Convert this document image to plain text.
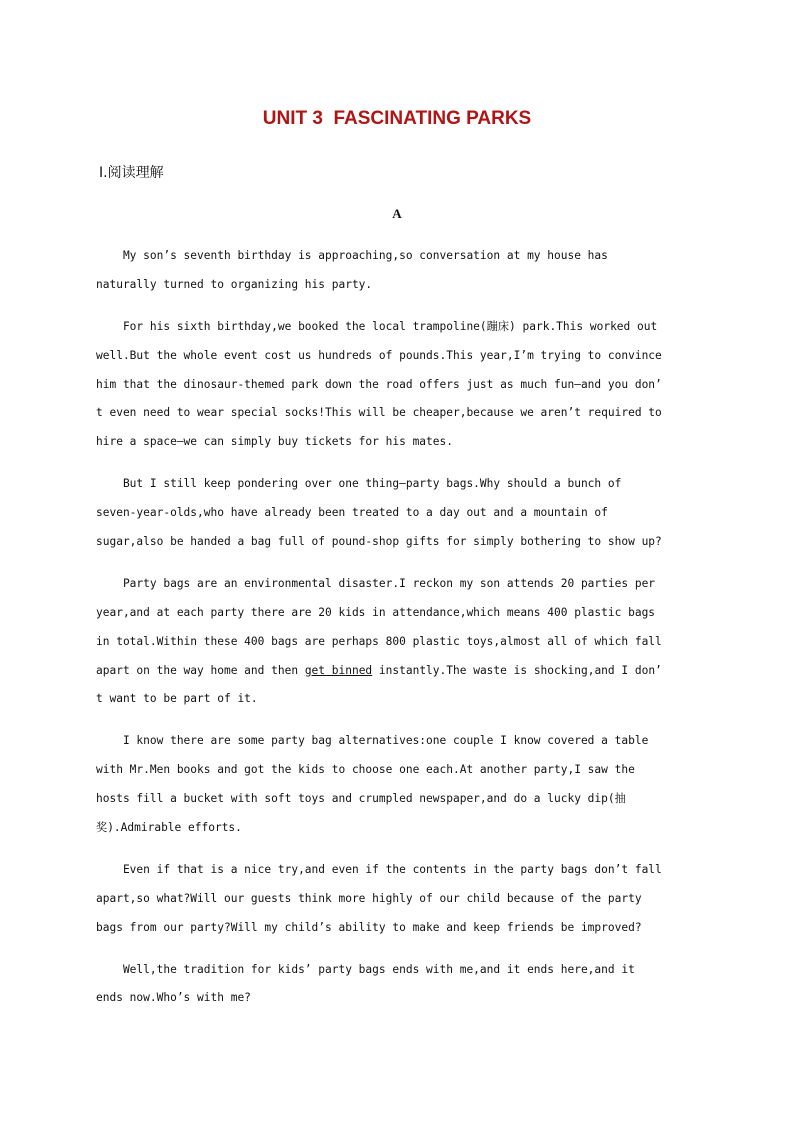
UNIT 3  FASCINATING PARKS
Ⅰ.阅读理解
A
My son’s seventh birthday is approaching,so conversation at my house has
naturally turned to organizing his party.
For his sixth birthday,we booked the local trampoline(蹦床) park.This worked out
well.But the whole event cost us hundreds of pounds.This year,I’m trying to convince
him that the dinosaur-themed park down the road offers just as much fun—and you don’
t even need to wear special socks!This will be cheaper,because we aren’t required to
hire a space—we can simply buy tickets for his mates.
But I still keep pondering over one thing—party bags.Why should a bunch of
seven-year-olds,who have already been treated to a day out and a mountain of
sugar,also be handed a bag full of pound-shop gifts for simply bothering to show up?
Party bags are an environmental disaster.I reckon my son attends 20 parties per
year,and at each party there are 20 kids in attendance,which means 400 plastic bags
in total.Within these 400 bags are perhaps 800 plastic toys,almost all of which fall
apart on the way home and then get binned instantly.The waste is shocking,and I don’
t want to be part of it.
I know there are some party bag alternatives:one couple I know covered a table
with Mr.Men books and got the kids to choose one each.At another party,I saw the
hosts fill a bucket with soft toys and crumpled newspaper,and do a lucky dip(抽
奖).Admirable efforts.
Even if that is a nice try,and even if the contents in the party bags don’t fall
apart,so what?Will our guests think more highly of our child because of the party
bags from our party?Will my child’s ability to make and keep friends be improved?
Well,the tradition for kids’ party bags ends with me,and it ends here,and it
ends now.Who’s with me?
